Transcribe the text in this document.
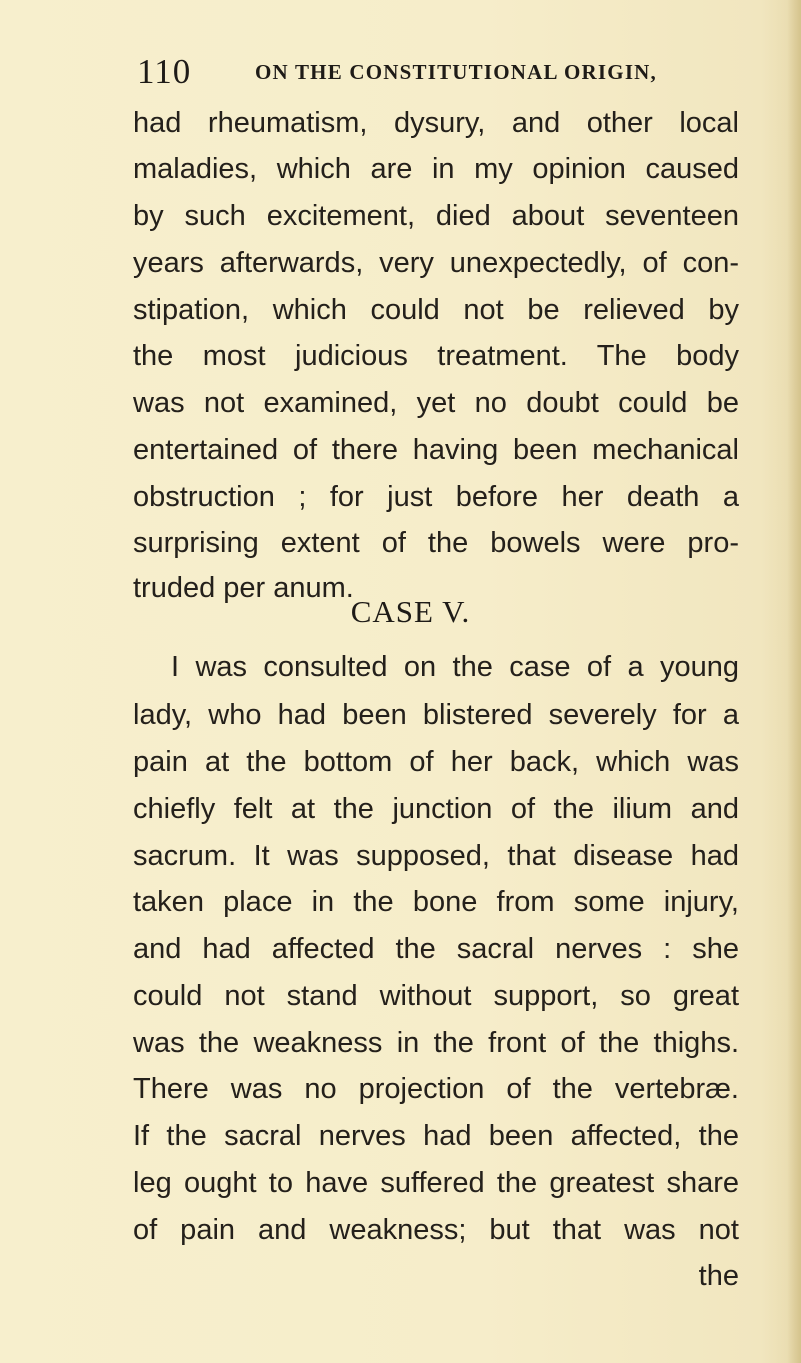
110	ON THE CONSTITUTIONAL ORIGIN,
had rheumatism, dysury, and other local
maladies, which are in my opinion caused
by such excitement, died about seventeen
years afterwards, very unexpectedly, of con-
stipation, which could not be relieved by
the most judicious treatment. The body
was not examined, yet no doubt could be
entertained of there having been mechanical
obstruction ; for just before her death a
surprising extent of the bowels were pro-
truded per anum.
CASE V.
I was consulted on the case of a young
lady, who had been blistered severely for a
pain at the bottom of her back, which was
chiefly felt at the junction of the ilium and
sacrum. It was supposed, that disease had
taken place in the bone from some injury,
and had affected the sacral nerves : she
could not stand without support, so great
was the weakness in the front of the thighs.
There was no projection of the vertebræ.
If the sacral nerves had been affected, the
leg ought to have suffered the greatest share
of pain and weakness; but that was not
the
